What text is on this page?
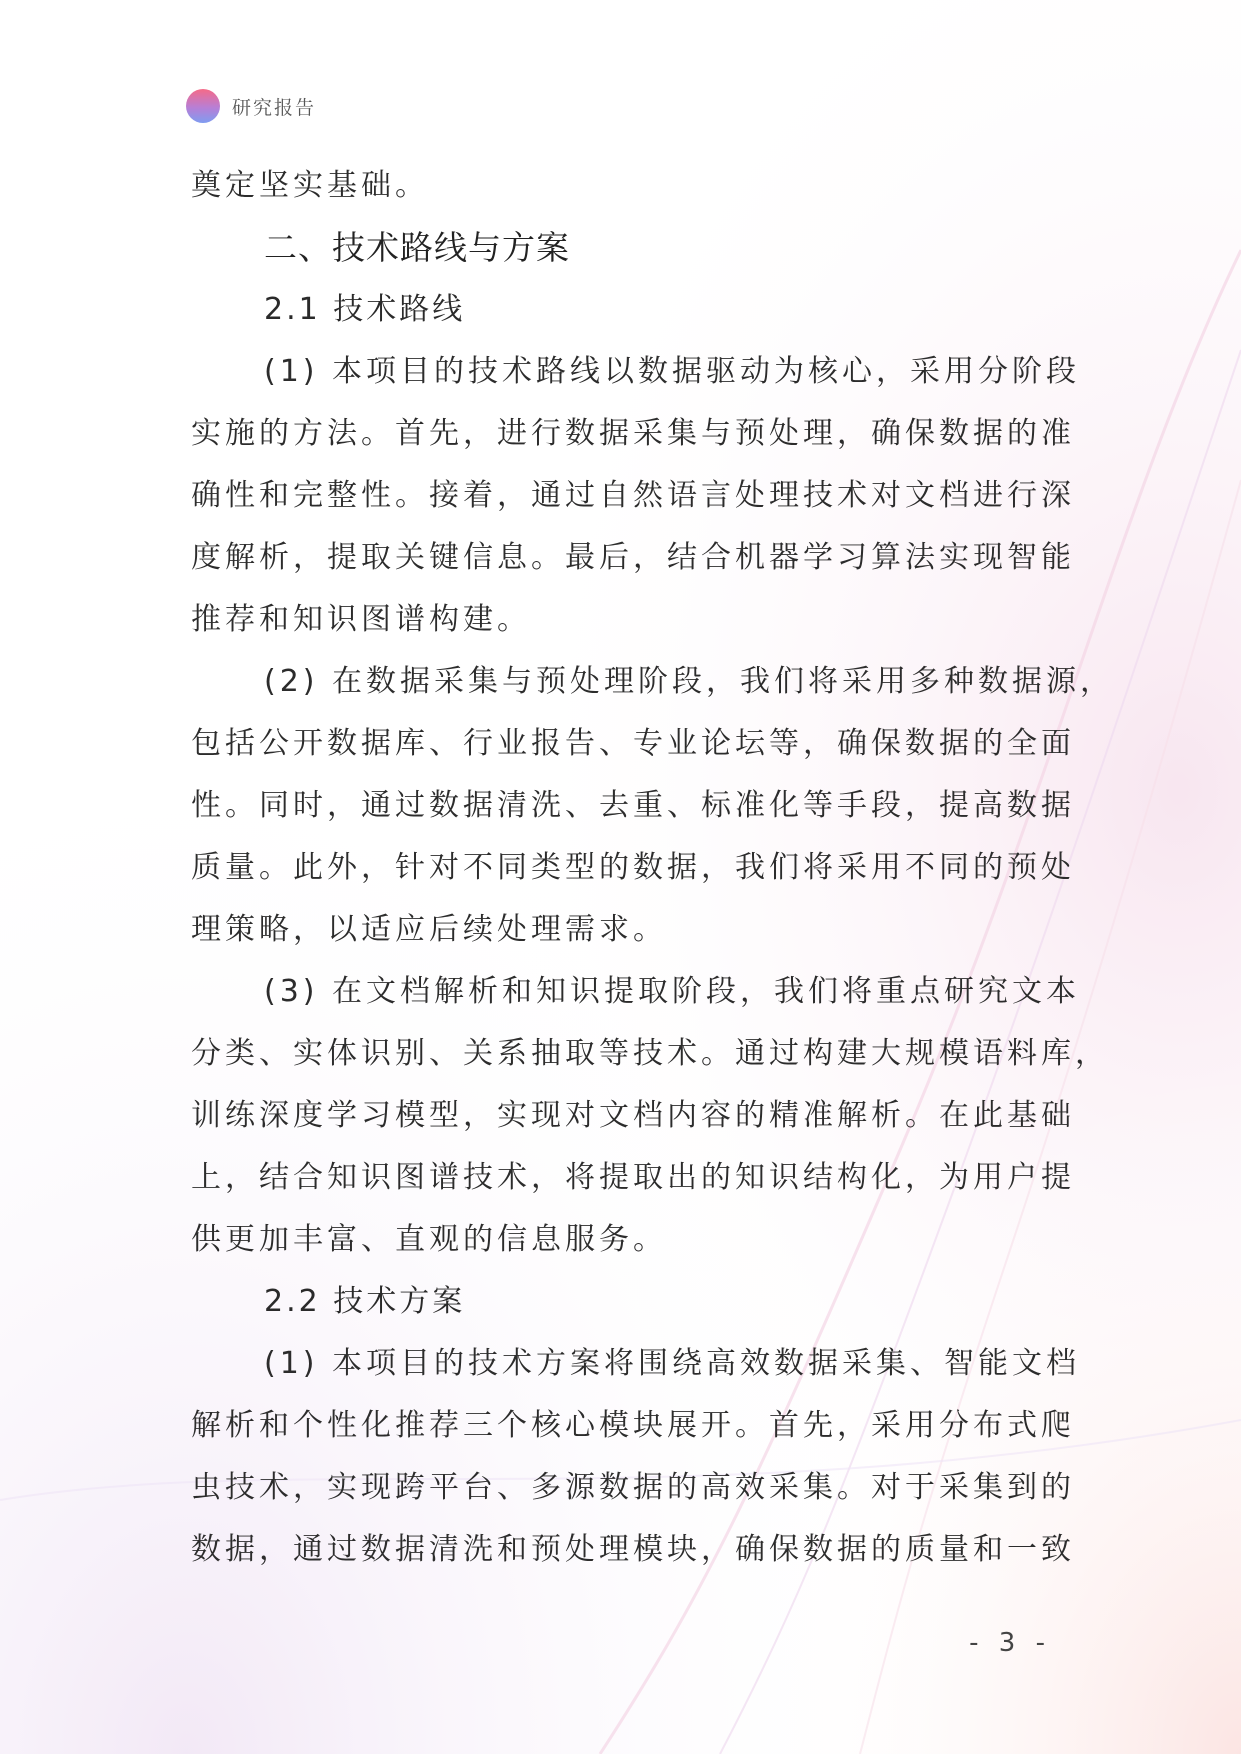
研究报告
奠定坚实基础。
二、技术路线与方案
2.1 技术路线
(1) 本项目的技术路线以数据驱动为核心，采用分阶段
实施的方法。首先，进行数据采集与预处理，确保数据的准
确性和完整性。接着，通过自然语言处理技术对文档进行深
度解析，提取关键信息。最后，结合机器学习算法实现智能
推荐和知识图谱构建。
(2) 在数据采集与预处理阶段，我们将采用多种数据源，
包括公开数据库、行业报告、专业论坛等，确保数据的全面
性。同时，通过数据清洗、去重、标准化等手段，提高数据
质量。此外，针对不同类型的数据，我们将采用不同的预处
理策略，以适应后续处理需求。
(3) 在文档解析和知识提取阶段，我们将重点研究文本
分类、实体识别、关系抽取等技术。通过构建大规模语料库，
训练深度学习模型，实现对文档内容的精准解析。在此基础
上，结合知识图谱技术，将提取出的知识结构化，为用户提
供更加丰富、直观的信息服务。
2.2 技术方案
(1) 本项目的技术方案将围绕高效数据采集、智能文档
解析和个性化推荐三个核心模块展开。首先，采用分布式爬
虫技术，实现跨平台、多源数据的高效采集。对于采集到的
数据，通过数据清洗和预处理模块，确保数据的质量和一致
- 3 -
